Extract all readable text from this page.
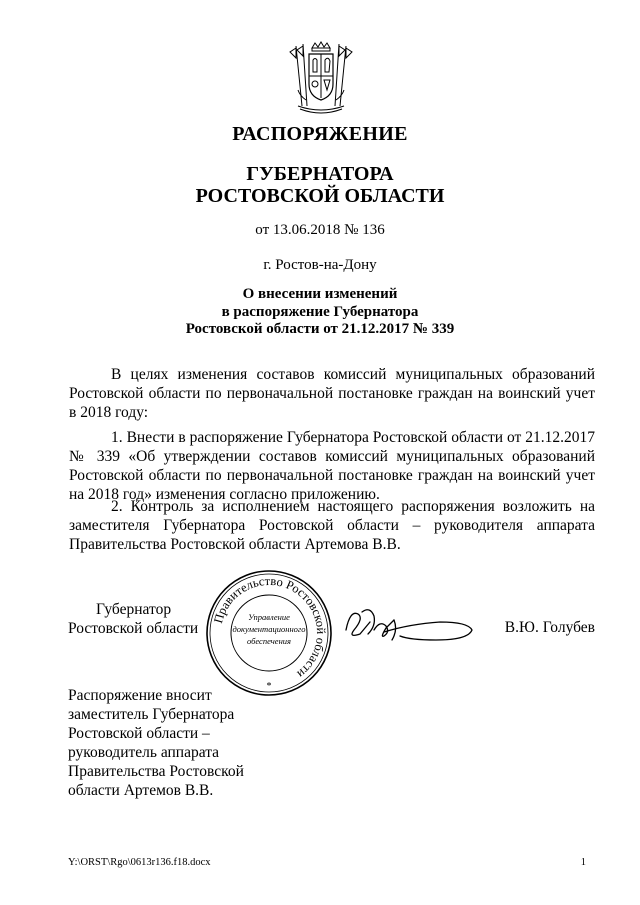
РАСПОРЯЖЕНИЕ
ГУБЕРНАТОРА
РОСТОВСКОЙ ОБЛАСТИ
от 13.06.2018 № 136
г. Ростов-на-Дону
О внесении изменений
в распоряжение Губернатора
Ростовской области от 21.12.2017 № 339
В целях изменения составов комиссий муниципальных образований Ростовской области по первоначальной постановке граждан на воинский учет в 2018 году:
1. Внести в распоряжение Губернатора Ростовской области от 21.12.2017 № 339 «Об утверждении составов комиссий муниципальных образований Ростовской области по первоначальной постановке граждан на воинский учет на 2018 год» изменения согласно приложению.
2. Контроль за исполнением настоящего распоряжения возложить на заместителя Губернатора Ростовской области – руководителя аппарата Правительства Ростовской области Артемова В.В.
Губернатор
Ростовской области
Правительство Ростовской области
Управление
документационного
обеспечения
*
В.Ю. Голубев
Распоряжение вносит
заместитель Губернатора
Ростовской области –
руководитель аппарата
Правительства Ростовской
области Артемов В.В.
Y:\ORST\Rgo\0613r136.f18.docx	1
